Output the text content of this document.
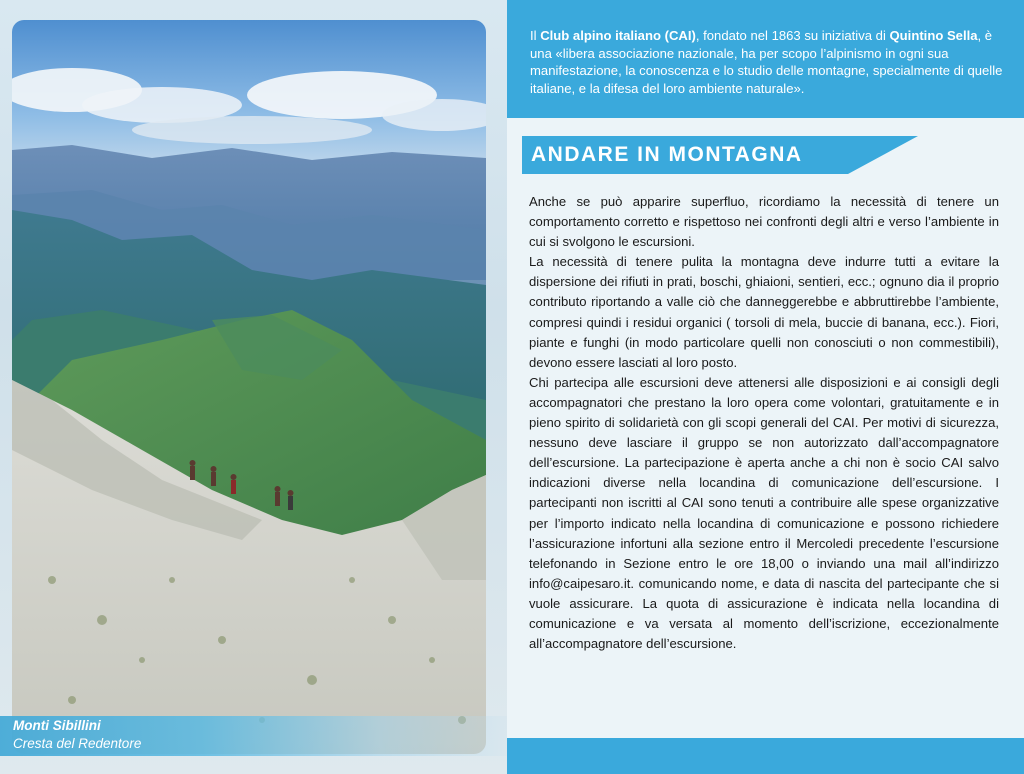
Monti Sibillini
Cresta del Redentore
Il Club alpino italiano (CAI), fondato nel 1863 su iniziativa di Quintino Sella, è una «libera associazione nazionale, ha per scopo l’alpinismo in ogni sua manifestazione, la conoscenza e lo studio delle montagne, specialmente di quelle italiane, e la difesa del loro ambiente naturale».
ANDARE IN MONTAGNA

Anche se può apparire superfluo, ricordiamo la necessità di tenere un comportamento corretto e rispettoso nei confronti degli altri e verso l’ambiente in cui si svolgono le escursioni.

La necessità di tenere pulita la montagna deve indurre tutti a evitare la dispersione dei rifiuti in prati, boschi, ghiaioni, sentieri, ecc.; ognuno dia il proprio contributo riportando a valle ciò che danneggerebbe e abbruttirebbe l’ambiente, compresi quindi i residui organici ( torsoli di mela, buccie di banana, ecc.). Fiori, piante e funghi (in modo particolare quelli non conosciuti o non commestibili), devono essere lasciati al loro posto.

Chi partecipa alle escursioni deve attenersi alle disposizioni e ai consigli degli accompagnatori che prestano la loro opera come volontari, gratuitamente e in pieno spirito di solidarietà con gli scopi generali del CAI. Per motivi di sicurezza, nessuno deve lasciare il gruppo se non autorizzato dall’accompagnatore dell’escursione. La partecipazione è aperta anche a chi non è socio CAI salvo indicazioni diverse nella locandina di comunicazione dell’escursione. I partecipanti non iscritti al CAI sono tenuti a contribuire alle spese organizzative per l’importo indicato nella locandina di comunicazione e possono richiedere l’assicurazione infortuni alla sezione entro il Mercoledi precedente l’escursione telefonando in Sezione entro le ore 18,00 o inviando una mail all’indirizzo info@caipesaro.it. comunicando nome, e data di nascita del partecipante che si vuole assicurare. La quota di assicurazione è indicata nella locandina di comunicazione e va versata al momento dell’iscrizione, eccezionalmente all’accompagnatore dell’escursione.
